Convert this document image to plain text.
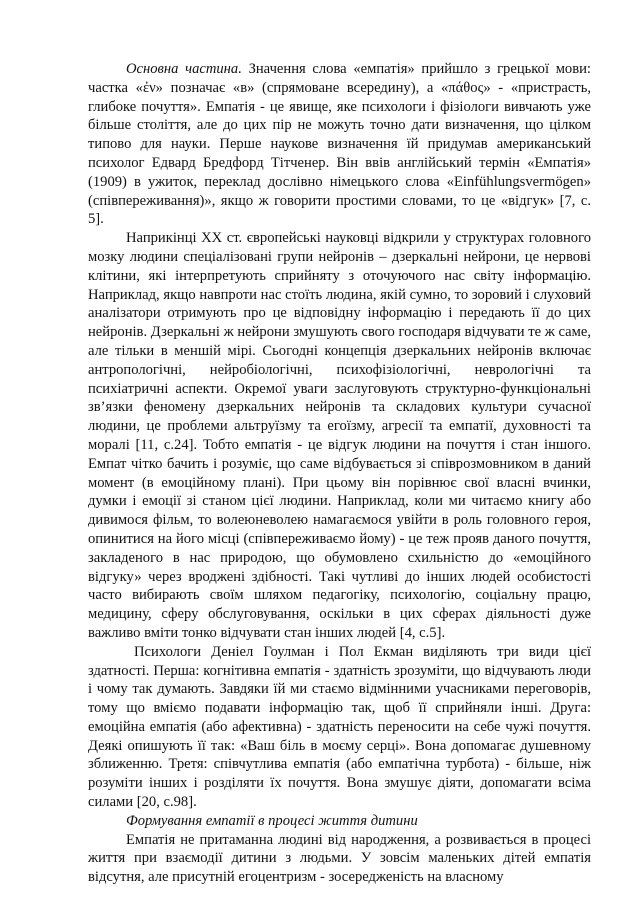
Основна частина. Значення слова «емпатія» прийшло з грецької мови: частка «ἐν» позначає «в» (спрямоване всередину), а «πάθος» - «пристрасть, глибоке почуття». Емпатія - це явище, яке психологи і фізіологи вивчають уже більше століття, але до цих пір не можуть точно дати визначення, що цілком типово для науки. Перше наукове визначення їй придумав американський психолог Едвард Бредфорд Тітченер. Він ввів англійський термін «Емпатія» (1909) в ужиток, переклад дослівно німецького слова «Einfühlungsvermögen» (співпереживання)», якщо ж говорити простими словами, то це «відгук» [7, с. 5].

Наприкінці XX ст. європейські науковці відкрили у структурах головного мозку людини спеціалізовані групи нейронів – дзеркальні нейрони, це нервові клітини, які інтерпретують сприйняту з оточуючого нас світу інформацію. Наприклад, якщо навпроти нас стоїть людина, якій сумно, то зоровий і слуховий аналізатори отримують про це відповідну інформацію і передають її до цих нейронів. Дзеркальні ж нейрони змушують свого господаря відчувати те ж саме, але тільки в меншій мірі. Сьогодні концепція дзеркальних нейронів включає антропологічні, нейробіологічні, психофізіологічні, неврологічні та психіатричні аспекти. Окремої уваги заслуговують структурно-функціональні зв’язки феномену дзеркальних нейронів та складових культури сучасної людини, це проблеми альтруїзму та егоїзму, агресії та емпатії, духовності та моралі [11, с.24]. Тобто емпатія - це відгук людини на почуття і стан іншого. Емпат чітко бачить і розуміє, що саме відбувається зі співрозмовником в даний момент (в емоційному плані). При цьому він порівнює свої власні вчинки, думки і емоції зі станом цієї людини. Наприклад, коли ми читаємо книгу або дивимося фільм, то волеюневолею намагаємося увійти в роль головного героя, опинитися на його місці (співпереживаємо йому) - це теж прояв даного почуття, закладеного в нас природою, що обумовлено схильністю до «емоційного відгуку» через вроджені здібності. Такі чутливі до інших людей особистості часто вибирають своїм шляхом педагогіку, психологію, соціальну працю, медицину, сферу обслуговування, оскільки в цих сферах діяльності дуже важливо вміти тонко відчувати стан інших людей [4, с.5].

Психологи Деніел Гоулман і Пол Екман виділяють три види цієї здатності. Перша: когнітивна емпатія - здатність зрозуміти, що відчувають люди і чому так думають. Завдяки їй ми стаємо відмінними учасниками переговорів, тому що вміємо подавати інформацію так, щоб її сприйняли інші. Друга: емоційна емпатія (або афективна) - здатність переносити на себе чужі почуття. Деякі опишують її так: «Ваш біль в моєму серці». Вона допомагає душевному зближенню. Третя: співчутлива емпатія (або емпатічна турбота) - більше, ніж розуміти інших і розділяти їх почуття. Вона змушує діяти, допомагати всіма силами [20, с.98].

Формування емпатії в процесі життя дитини

Емпатія не притаманна людині від народження, а розвивається в процесі життя при взаємодії дитини з людьми. У зовсім маленьких дітей емпатія відсутня, але присутній егоцентризм - зосередженість на власному
